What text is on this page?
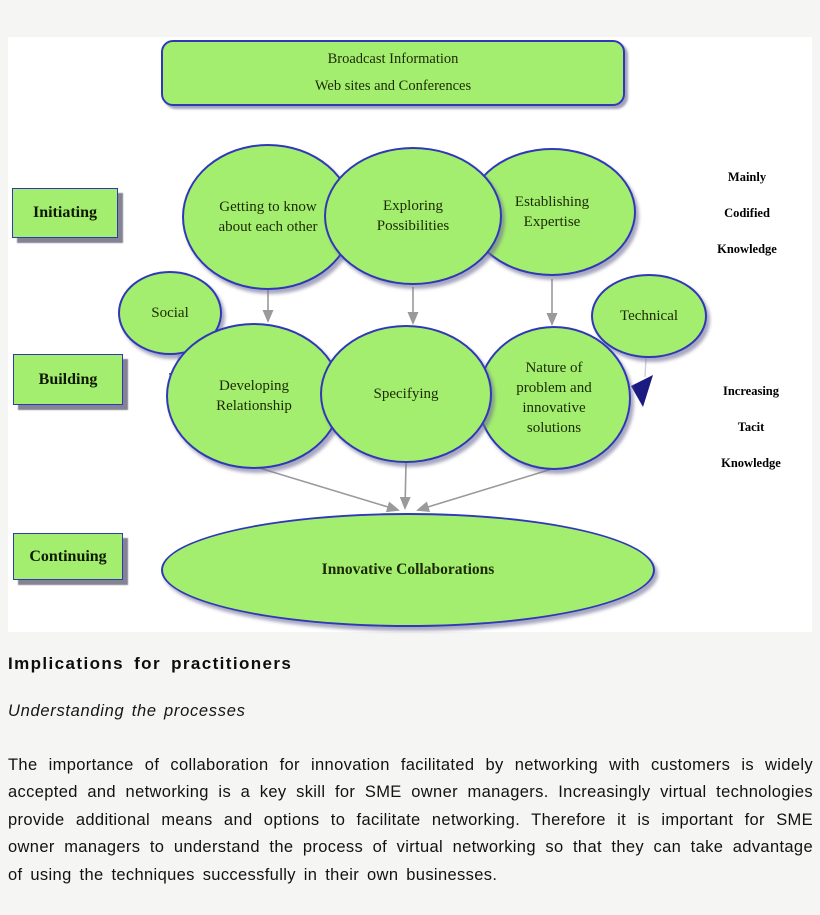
Broadcast Information
Web sites and Conferences
Initiating
Building
Continuing
Getting to know about each other
Establishing Expertise
Exploring Possibilities
Social	Technical
Developing Relationship
Nature of problem and innovative solutions
Specifying
Innovative Collaborations
Mainly
Codified
Knowledge
Increasing
Tacit
Knowledge
Implications for practitioners
Understanding the processes

The importance of collaboration for innovation facilitated by networking with customers is widely accepted and networking is a key skill for SME owner managers. Increasingly virtual technologies provide additional means and options to facilitate networking. Therefore it is important for SME owner managers to understand the process of virtual networking so that they can take advantage of using the techniques successfully in their own businesses.
